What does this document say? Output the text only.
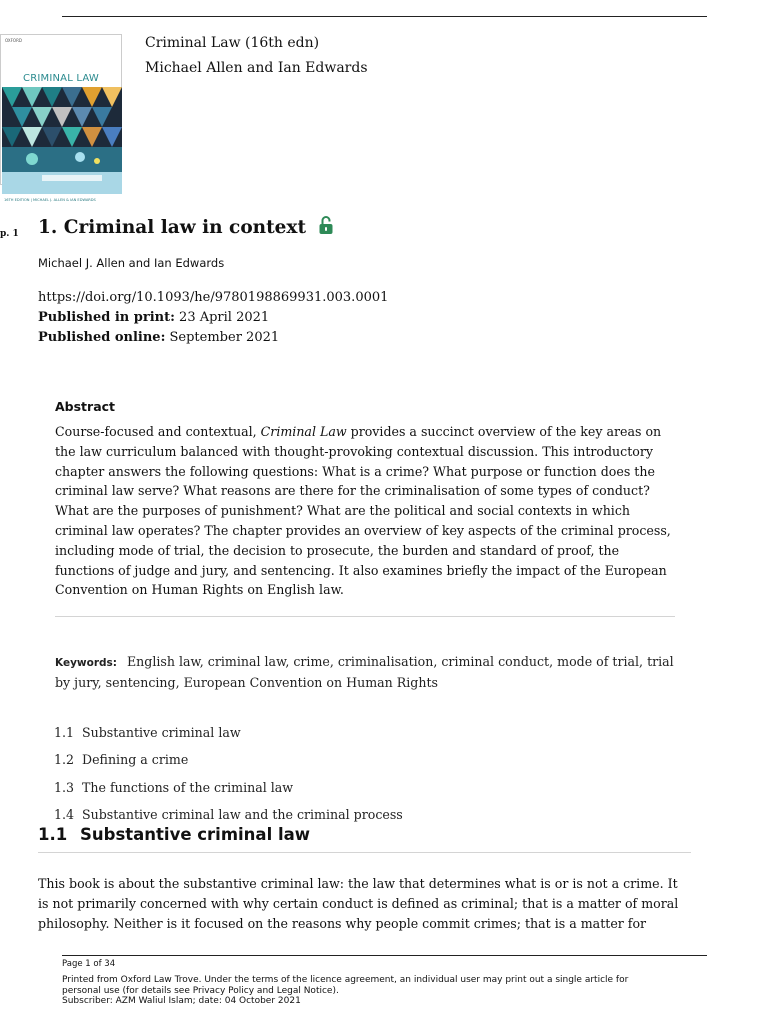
OXFORD
CRIMINAL LAW
16TH EDITION | MICHAEL J. ALLEN & IAN EDWARDS
Criminal Law (16th edn)
Michael Allen and Ian Edwards
p. 1 1. Criminal law in context
Michael J. Allen and Ian Edwards
https://doi.org/10.1093/he/9780198869931.003.0001
Published in print: 23 April 2021
Published online: September 2021
Abstract
Course-focused and contextual, Criminal Law provides a succinct overview of the key areas on the law curriculum balanced with thought-provoking contextual discussion. This introductory chapter answers the following questions: What is a crime? What purpose or function does the criminal law serve? What reasons are there for the criminalisation of some types of conduct? What are the purposes of punishment? What are the political and social contexts in which criminal law operates? The chapter provides an overview of key aspects of the criminal process, including mode of trial, the decision to prosecute, the burden and standard of proof, the functions of judge and jury, and sentencing. It also examines briefly the impact of the European Convention on Human Rights on English law.
Keywords: English law, criminal law, crime, criminalisation, criminal conduct, mode of trial, trial by jury, sentencing, European Convention on Human Rights
1.1 Substantive criminal law
1.2 Defining a crime
1.3 The functions of the criminal law
1.4 Substantive criminal law and the criminal process
1.1 Substantive criminal law
This book is about the substantive criminal law: the law that determines what is or is not a crime. It is not primarily concerned with why certain conduct is defined as criminal; that is a matter of moral philosophy. Neither is it focused on the reasons why people commit crimes; that is a matter for
Page 1 of 34
Printed from Oxford Law Trove. Under the terms of the licence agreement, an individual user may print out a single article for
personal use (for details see Privacy Policy and Legal Notice).
Subscriber: AZM Waliul Islam; date: 04 October 2021
